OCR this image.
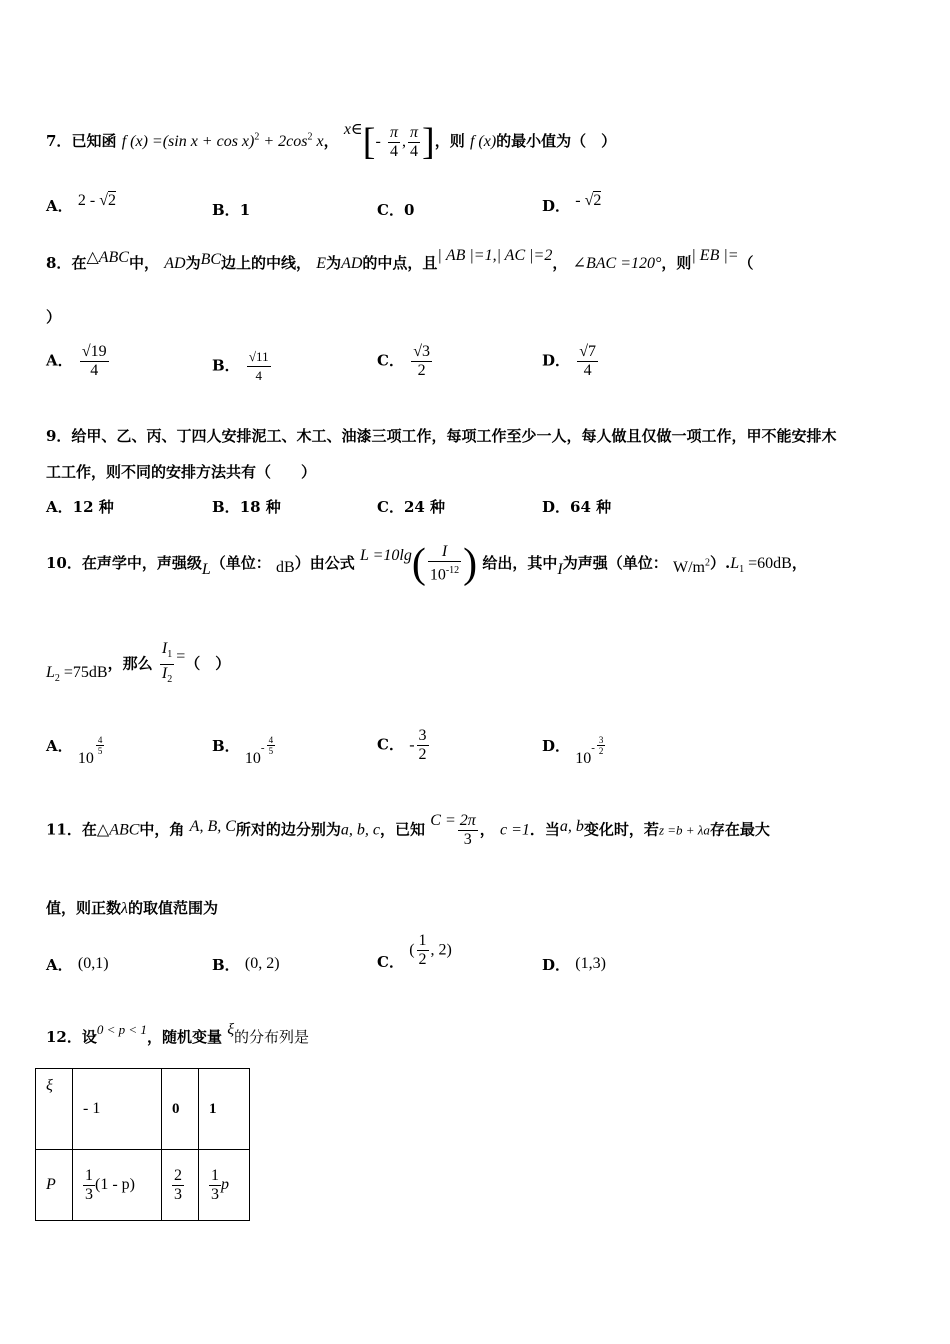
7．已知函 f (x) =(sin $x + \cos x)^2 + 2\cos^2$ x， x∈[- $\frac{\pi}{4}$ , $\frac{\pi}{4}$ ]，则 f (x)的最小值为（　）
A． 2 - √2
B．1	C．0	D． - √2
8．在△ABC中， AD为BC边上的中线， E为AD的中点，且| AB |=1,| AC |=2， ∠BAC =120°，则| EB |=（
）
A． $\frac{√19}{4}$	B． $\frac{√11}{4}$	C． $\frac{√3}{2}$	D． $\frac{√7}{4}$
9．给甲、乙、丙、丁四人安排泥工、木工、油漆三项工作，每项工作至少一人，每人做且仅做一项工作，甲不能安排木
工工作，则不同的安排方法共有（　　）
A．12 种	B．18 种	C．24 种	D．64 种
10．在声学中，声强级L（单位： dB）由公式 $L =10\lg( \frac{I}{10^{-12}}$ ) 给出，其中I为声强（单位： $W/m^2).L_1 =60dB$，
$L_2 =75dB$，那么 $\frac{I_1}{I_2}$ =（　）
A． 10
$\frac{4}{5}$	B． $10- \frac{4}{5}$	C． - $\frac{3}{2}$	D． $10- \frac{3}{2}$
11．在△ABC中，角 A, B, C所对的边分别为a, b, c，已知 $C = \frac{2\pi}{3}$ ， c =1．当a, b变化时，若z =b + λa存在最大
值，则正数λ的取值范围为
A． (0,1)	B． (0, 2)	C． ( $\frac{1}{2}$ , 2)
D． (1,3)
12．设0 < p < 1，随机变量 ξ的分布列是
ξ	- 1	0	1
P	$\frac{1}{3} (1 - p)$	$\frac{2}{3}$	$\frac{1}{3}$ p
